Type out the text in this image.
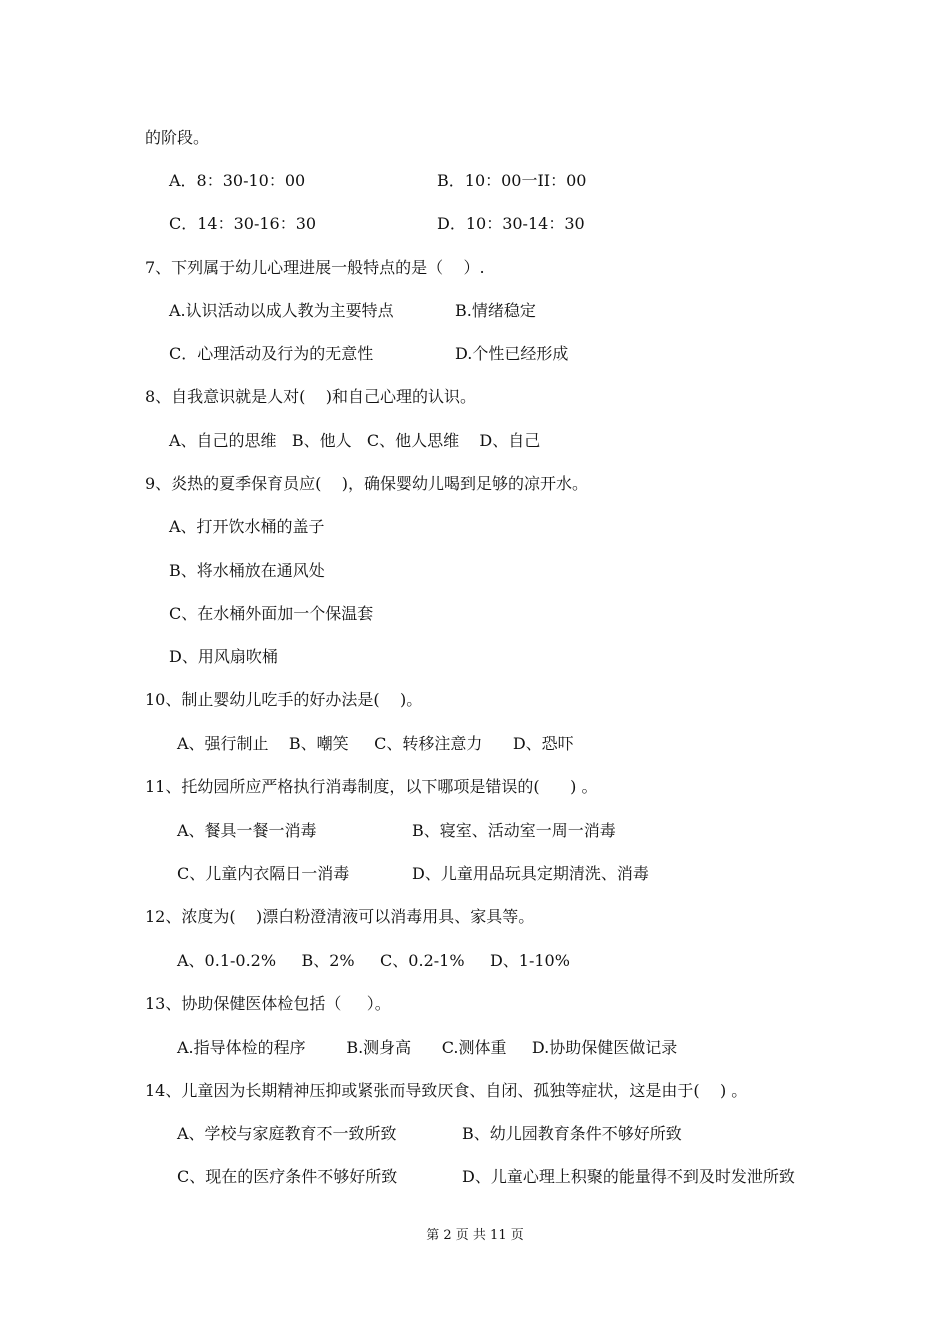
的阶段。
A．8：30-10：00	B．10：00一II：00
C．14：30-16：30	D．10：30-14：30
7、下列属于幼儿心理进展一般特点的是（    ）.
A.认识活动以成人教为主要特点	B.情绪稳定
C．心理活动及行为的无意性	D.个性已经形成
8、自我意识就是人对(    )和自己心理的认识。
A、自己的思维   B、他人   C、他人思维    D、自己
9、炎热的夏季保育员应(    )，确保婴幼儿喝到足够的凉开水。
A、打开饮水桶的盖子
B、将水桶放在通风处
C、在水桶外面加一个保温套
D、用风扇吹桶
10、制止婴幼儿吃手的好办法是(    )。
A、强行制止    B、嘲笑     C、转移注意力      D、恐吓
11、托幼园所应严格执行消毒制度，以下哪项是错误的(      ) 。
A、餐具一餐一消毒	B、寝室、活动室一周一消毒
C、儿童内衣隔日一消毒	D、儿童用品玩具定期清洗、消毒
12、浓度为(    )漂白粉澄清液可以消毒用具、家具等。
A、0.1-0.2%     B、2%     C、0.2-1%     D、1-10%
13、协助保健医体检包括（     ）。
A.指导体检的程序        B.测身高      C.测体重     D.协助保健医做记录
14、儿童因为长期精神压抑或紧张而导致厌食、自闭、孤独等症状，这是由于(    ) 。
A、学校与家庭教育不一致所致	B、幼儿园教育条件不够好所致
C、现在的医疗条件不够好所致	D、儿童心理上积聚的能量得不到及时发泄所致
第 2 页 共 11 页
